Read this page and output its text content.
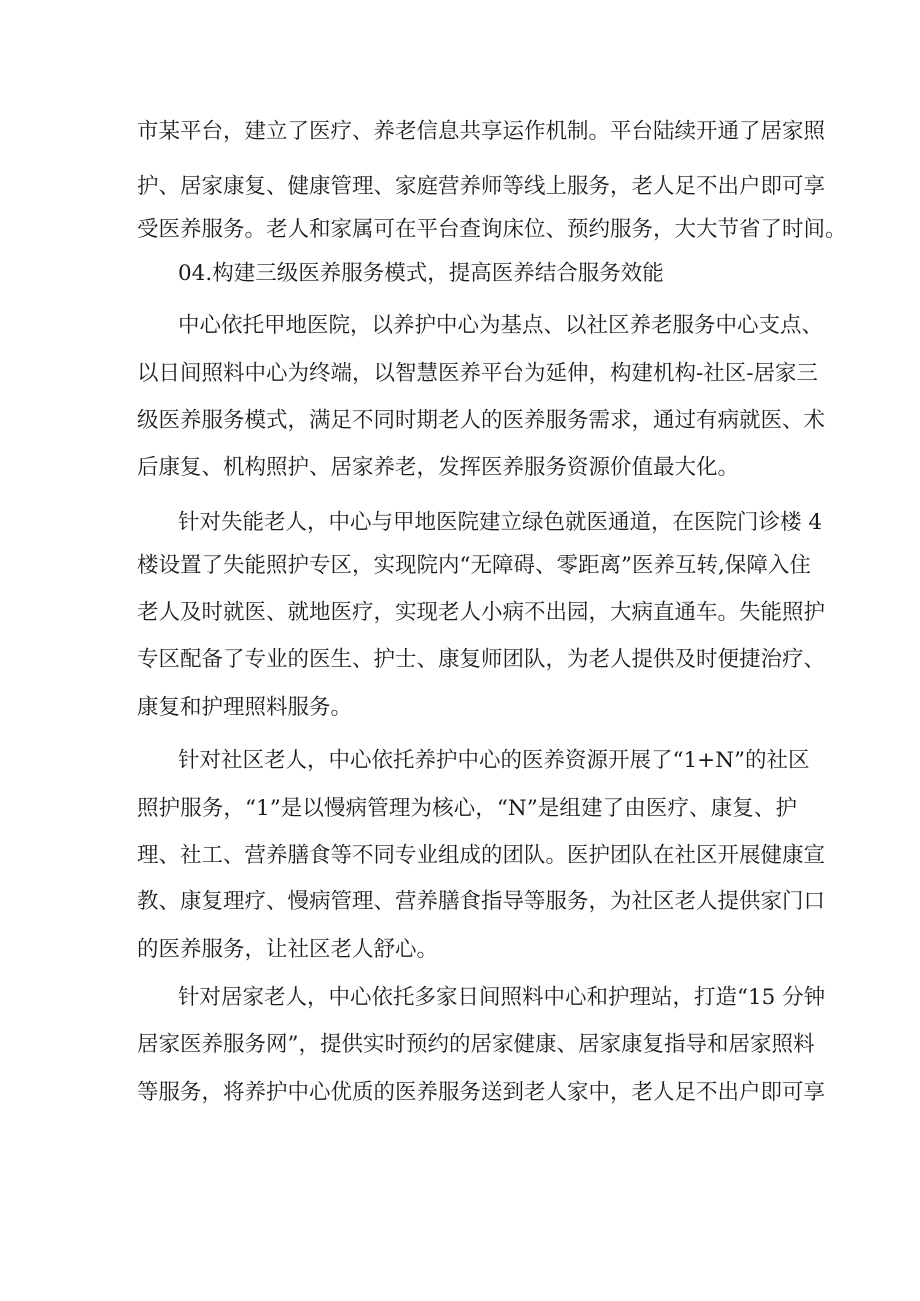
市某平台，建立了医疗、养老信息共享运作机制。平台陆续开通了居家照

护、居家康复、健康管理、家庭营养师等线上服务，老人足不出户即可享

受医养服务。老人和家属可在平台查询床位、预约服务，大大节省了时间。

04.构建三级医养服务模式，提高医养结合服务效能

中心依托甲地医院，以养护中心为基点、以社区养老服务中心支点、

以日间照料中心为终端，以智慧医养平台为延伸，构建机构-社区-居家三

级医养服务模式，满足不同时期老人的医养服务需求，通过有病就医、术

后康复、机构照护、居家养老，发挥医养服务资源价值最大化。

针对失能老人，中心与甲地医院建立绿色就医通道，在医院门诊楼 4

楼设置了失能照护专区，实现院内“无障碍、零距离”医养互转,保障入住

老人及时就医、就地医疗，实现老人小病不出园，大病直通车。失能照护

专区配备了专业的医生、护士、康复师团队，为老人提供及时便捷治疗、

康复和护理照料服务。

针对社区老人，中心依托养护中心的医养资源开展了“1+N”的社区

照护服务，“1”是以慢病管理为核心，“N”是组建了由医疗、康复、护

理、社工、营养膳食等不同专业组成的团队。医护团队在社区开展健康宣

教、康复理疗、慢病管理、营养膳食指导等服务，为社区老人提供家门口

的医养服务，让社区老人舒心。

针对居家老人，中心依托多家日间照料中心和护理站，打造“15 分钟

居家医养服务网”，提供实时预约的居家健康、居家康复指导和居家照料

等服务，将养护中心优质的医养服务送到老人家中，老人足不出户即可享
